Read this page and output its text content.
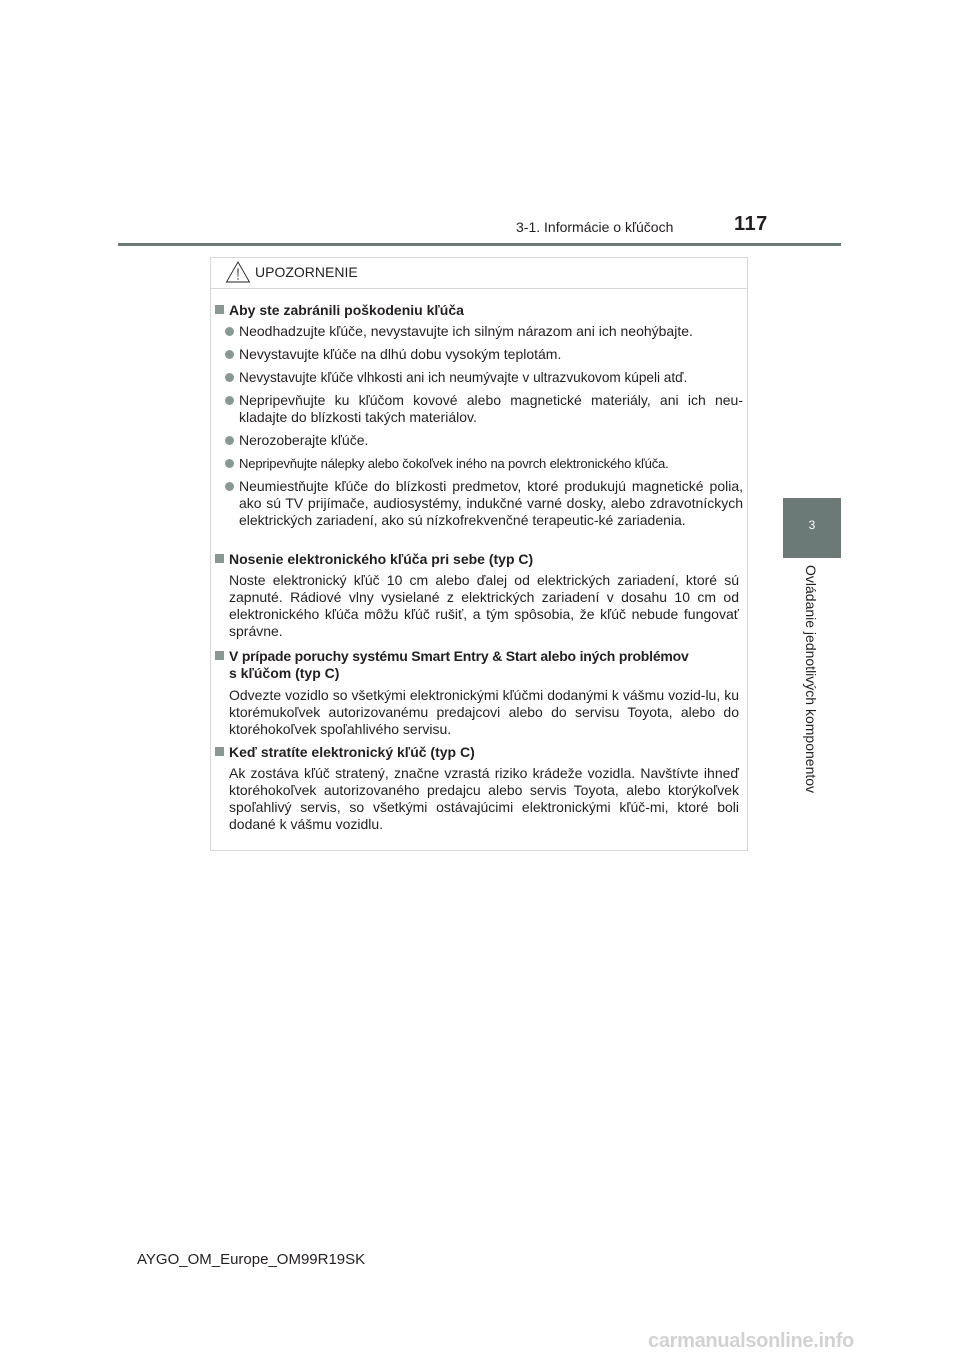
3-1. Informácie o kľúčoch	117
3
Ovládanie jednotlivých komponentov
UPOZORNENIE
Aby ste zabránili poškodeniu kľúča
Neodhadzujte kľúče, nevystavujte ich silným nárazom ani ich neohýbajte.
Nevystavujte kľúče na dlhú dobu vysokým teplotám.
Nevystavujte kľúče vlhkosti ani ich neumývajte v ultrazvukovom kúpeli atď.
Nepripevňujte ku kľúčom kovové alebo magnetické materiály, ani ich neu-kladajte do blízkosti takých materiálov.
Nerozoberajte kľúče.
Nepripevňujte nálepky alebo čokoľvek iného na povrch elektronického kľúča.
Neumiestňujte kľúče do blízkosti predmetov, ktoré produkujú magnetické polia, ako sú TV prijímače, audiosystémy, indukčné varné dosky, alebo zdravotníckych elektrických zariadení, ako sú nízkofrekvenčné terapeutic-ké zariadenia.
Nosenie elektronického kľúča pri sebe (typ C)
Noste elektronický kľúč 10 cm alebo ďalej od elektrických zariadení, ktoré sú zapnuté. Rádiové vlny vysielané z elektrických zariadení v dosahu 10 cm od elektronického kľúča môžu kľúč rušiť, a tým spôsobia, že kľúč nebude fungovať správne.
V prípade poruchy systému Smart Entry & Start alebo iných problémov
s kľúčom (typ C)
Odvezte vozidlo so všetkými elektronickými kľúčmi dodanými k vášmu vozid-lu, ku ktorémukoľvek autorizovanému predajcovi alebo do servisu Toyota, alebo do ktoréhokoľvek spoľahlivého servisu.
Keď stratíte elektronický kľúč (typ C)
Ak zostáva kľúč stratený, značne vzrastá riziko krádeže vozidla. Navštívte ihneď ktoréhokoľvek autorizovaného predajcu alebo servis Toyota, alebo ktorýkoľvek spoľahlivý servis, so všetkými ostávajúcimi elektronickými kľúč-mi, ktoré boli dodané k vášmu vozidlu.
AYGO_OM_Europe_OM99R19SK
carmanualsonline.info
